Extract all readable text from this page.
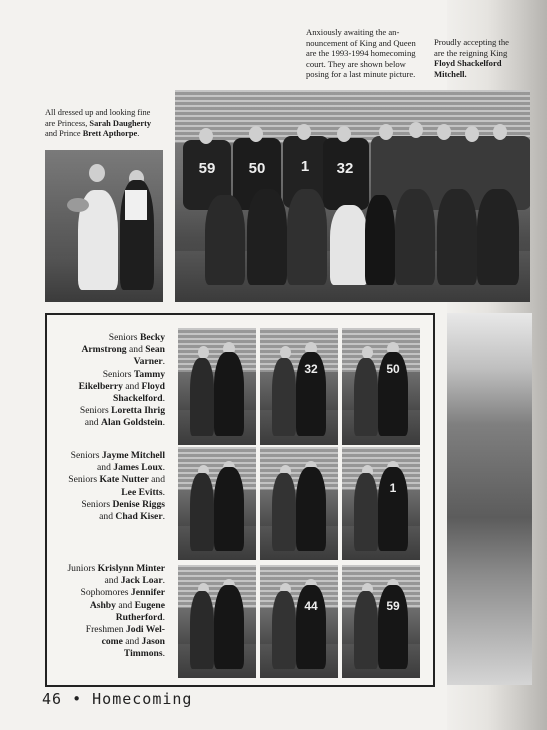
Anxiously awaiting the an-
nouncement of King and Queen
are the 1993-1994 homecoming
court. They are shown below
posing for a last minute picture.
Proudly accepting the
are the reigning King
Floyd Shackelford
Mitchell.
All dressed up and looking fine
are Princess, Sarah Daugherty
and Prince Brett Apthorpe.
59	50	1	32
Seniors Becky
Armstrong and Sean
Varner.
Seniors Tammy
Eikelberry and Floyd
Shackelford.
Seniors Loretta Ihrig
and Alan Goldstein.
Seniors Jayme Mitchell
and James Loux.
Seniors Kate Nutter and
Lee Evitts.
Seniors Denise Riggs
and Chad Kiser.
Juniors Krislynn Minter
and Jack Loar.
Sophomores Jennifer
Ashby and Eugene
Rutherford.
Freshmen Jodi Wel-
come and Jason
Timmons.
32	50
1
44	59
46 • Homecoming
